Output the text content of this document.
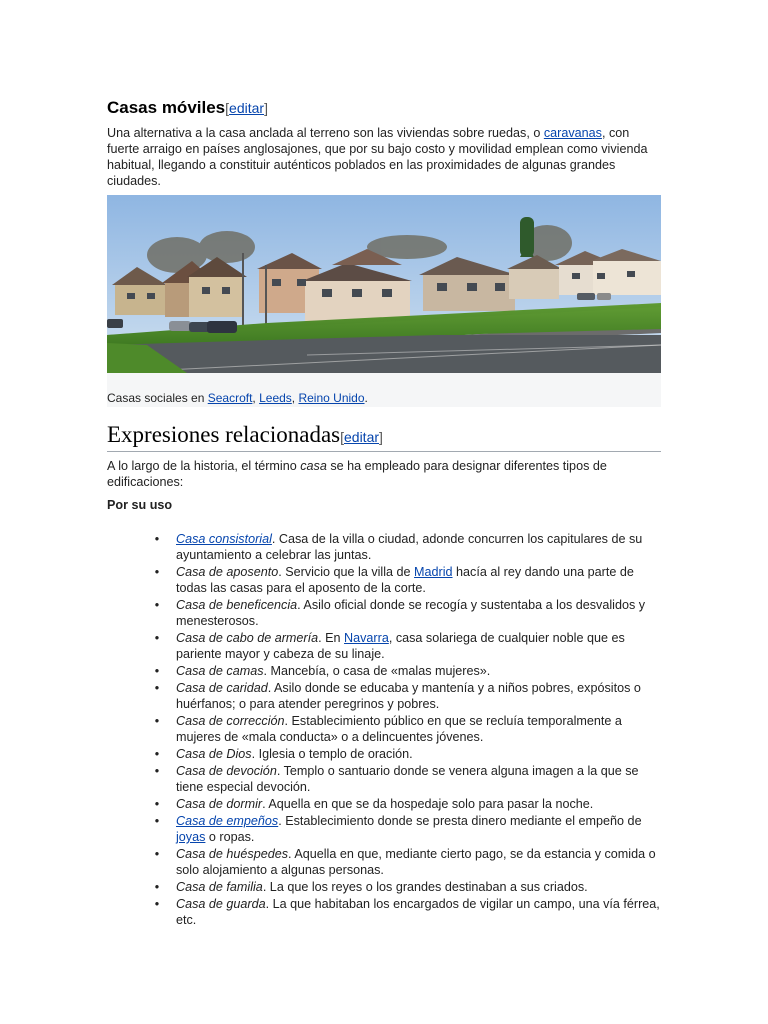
Casas móviles[editar]
Una alternativa a la casa anclada al terreno son las viviendas sobre ruedas, o caravanas, con fuerte arraigo en países anglosajones, que por su bajo costo y movilidad emplean como vivienda habitual, llegando a constituir auténticos poblados en las proximidades de algunas grandes ciudades.
Casas sociales en Seacroft, Leeds, Reino Unido.
Expresiones relacionadas[editar]
A lo largo de la historia, el término casa se ha empleado para designar diferentes tipos de edificaciones:
Por su uso
• Casa consistorial. Casa de la villa o ciudad, adonde concurren los capitulares de su ayuntamiento a celebrar las juntas.
• Casa de aposento. Servicio que la villa de Madrid hacía al rey dando una parte de todas las casas para el aposento de la corte.
• Casa de beneficencia. Asilo oficial donde se recogía y sustentaba a los desvalidos y menesterosos.
• Casa de cabo de armería. En Navarra, casa solariega de cualquier noble que es pariente mayor y cabeza de su linaje.
• Casa de camas. Mancebía, o casa de «malas mujeres».
• Casa de caridad. Asilo donde se educaba y mantenía y a niños pobres, expósitos o huérfanos; o para atender peregrinos y pobres.
• Casa de corrección. Establecimiento público en que se recluía temporalmente a mujeres de «mala conducta» o a delincuentes jóvenes.
• Casa de Dios. Iglesia o templo de oración.
• Casa de devoción. Templo o santuario donde se venera alguna imagen a la que se tiene especial devoción.
• Casa de dormir. Aquella en que se da hospedaje solo para pasar la noche.
• Casa de empeños. Establecimiento donde se presta dinero mediante el empeño de joyas o ropas.
• Casa de huéspedes. Aquella en que, mediante cierto pago, se da estancia y comida o solo alojamiento a algunas personas.
• Casa de familia. La que los reyes o los grandes destinaban a sus criados.
• Casa de guarda. La que habitaban los encargados de vigilar un campo, una vía férrea, etc.
